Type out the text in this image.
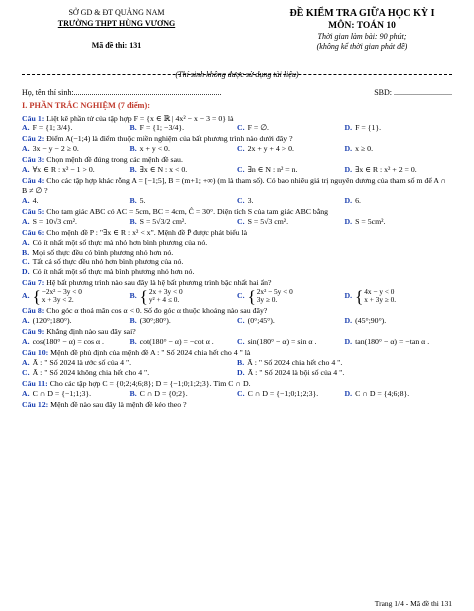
SỞ GD & ĐT QUẢNG NAM
TRƯỜNG THPT HÙNG VƯƠNG
Mã đề thi: 131
ĐỀ KIỂM TRA GIỮA HỌC KỲ I
MÔN: TOÁN 10
Thời gian làm bài: 90 phút;
(không kể thời gian phát đề)
(Thí sinh không được sử dụng tài liệu)
Họ, tên thí sinh:..........................................................................	SBD: .............................
I. PHẦN TRẮC NGHIỆM (7 điểm):
Câu 1: Liệt kê phần tử của tập hợp F = {x ∈ ℝ | 4x² − x − 3 = 0} là
A. F = {1; 3/4}.	B. F = {1; −3/4}.	C. F = ∅.	D. F = {1}.
Câu 2: Điểm A(−1;4) là điểm thuộc miền nghiệm của bất phương trình nào dưới đây ?
A. 3x − y − 2 ≥ 0.	B. x + y < 0.	C. 2x + y + 4 > 0.	D. x ≥ 0.
Câu 3: Chọn mệnh đề đúng trong các mệnh đề sau.
A. ∀x ∈ R : x² − 1 > 0.	B. ∃x ∈ N : x < 0.	C. ∃n ∈ N : n² = n.	D. ∃x ∈ R : x² + 2 = 0.
Câu 4: Cho các tập hợp khác rỗng A = [−1;5], B = (m+1; +∞) (m là tham số). Có bao nhiêu giá trị nguyên dương của tham số m để A ∩ B ≠ ∅ ?
A. 4.	B. 5.	C. 3.	D. 6.
Câu 5: Cho tam giác ABC có AC = 5cm, BC = 4cm, Ĉ = 30°. Diện tích S của tam giác ABC bằng
A. S = 10√3 cm².	B. S = 5√3/2 cm².	C. S = 5√3 cm².	D. S = 5cm².
Câu 6: Cho mệnh đề P : "∃x ∈ R : x² < x". Mệnh đề P̄ được phát biểu là
A. Có ít nhất một số thực mà nhỏ hơn bình phương của nó.
B. Mọi số thực đều có bình phương nhỏ hơn nó.
C. Tất cả số thực đều nhỏ hơn bình phương của nó.
D. Có ít nhất một số thực mà bình phương nhỏ hơn nó.
Câu 7: Hệ bất phương trình nào sau đây là hệ bất phương trình bậc nhất hai ẩn?
A. { −2x² − 3y < 0
x + 3y < 2.	B. { 2x + 3y < 0
y² + 4 ≤ 0.	C. { 2x² − 5y < 0
3y ≥ 0.	D. { 4x − y < 0
x + 3y ≥ 0.
Câu 8: Cho góc α thoả mãn cos α < 0. Số đo góc α thuộc khoảng nào sau đây?
A. (120°;180°).	B. (30°;80°).	C. (0°;45°).	D. (45°;90°).
Câu 9: Khẳng định nào sau đây sai?
A. cos(180° − α) = cos α .	B. cot(180° − α) = −cot α .	C. sin(180° − α) = sin α .	D. tan(180° − α) = −tan α .
Câu 10: Mệnh đề phủ định của mệnh đề A : " Số 2024 chia hết cho 4 " là
A. Ā : " Số 2024 là ước số của 4 ".	B. Ā : " Số 2024 chia hết cho 4 ".
C. Ā : " Số 2024 không chia hết cho 4 ".	D. Ā : " Số 2024 là bội số của 4 ".
Câu 11: Cho các tập hợp C = {0;2;4;6;8}; D = {−1;0;1;2;3}. Tìm C ∩ D.
A. C ∩ D = {−1;1;3}.	B. C ∩ D = {0;2}.	C. C ∩ D = {−1;0;1;2;3}.	D. C ∩ D = {4;6;8}.
Câu 12: Mệnh đề nào sau đây là mệnh đề kéo theo ?
Trang 1/4 - Mã đề thi 131
